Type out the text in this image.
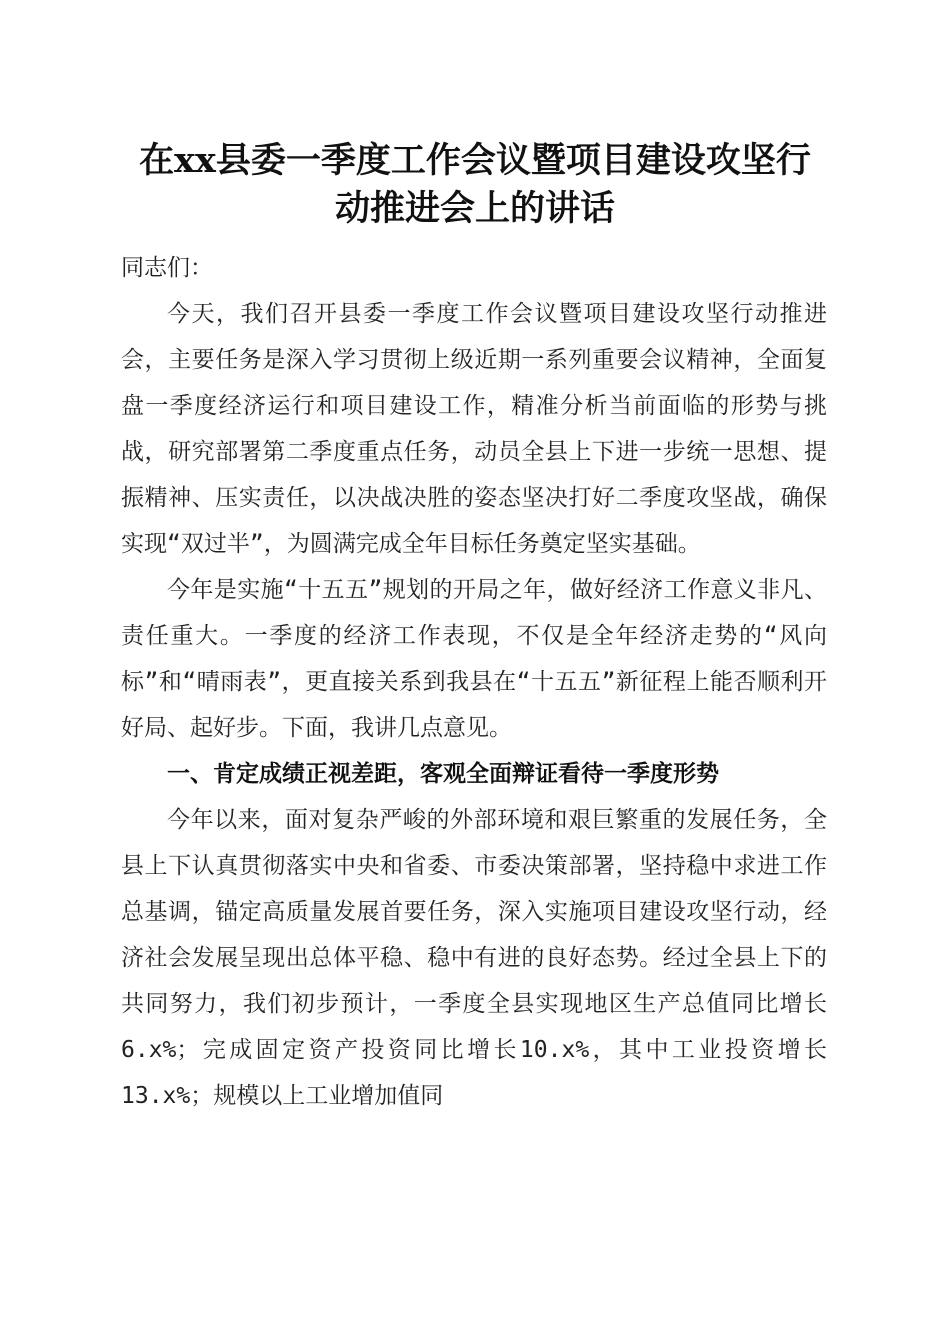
在xx县委一季度工作会议暨项目建设攻坚行
动推进会上的讲话

同志们：

今天，我们召开县委一季度工作会议暨项目建设攻坚行动推进会，主要任务是深入学习贯彻上级近期一系列重要会议精神，全面复盘一季度经济运行和项目建设工作，精准分析当前面临的形势与挑战，研究部署第二季度重点任务，动员全县上下进一步统一思想、提振精神、压实责任，以决战决胜的姿态坚决打好二季度攻坚战，确保实现“双过半”，为圆满完成全年目标任务奠定坚实基础。

今年是实施“十五五”规划的开局之年，做好经济工作意义非凡、责任重大。一季度的经济工作表现，不仅是全年经济走势的“风向标”和“晴雨表”，更直接关系到我县在“十五五”新征程上能否顺利开好局、起好步。下面，我讲几点意见。

一、肯定成绩正视差距，客观全面辩证看待一季度形势

今年以来，面对复杂严峻的外部环境和艰巨繁重的发展任务，全县上下认真贯彻落实中央和省委、市委决策部署，坚持稳中求进工作总基调，锚定高质量发展首要任务，深入实施项目建设攻坚行动，经济社会发展呈现出总体平稳、稳中有进的良好态势。经过全县上下的共同努力，我们初步预计，一季度全县实现地区生产总值同比增长6.x%；完成固定资产投资同比增长10.x%，其中工业投资增长13.x%；规模以上工业增加值同
